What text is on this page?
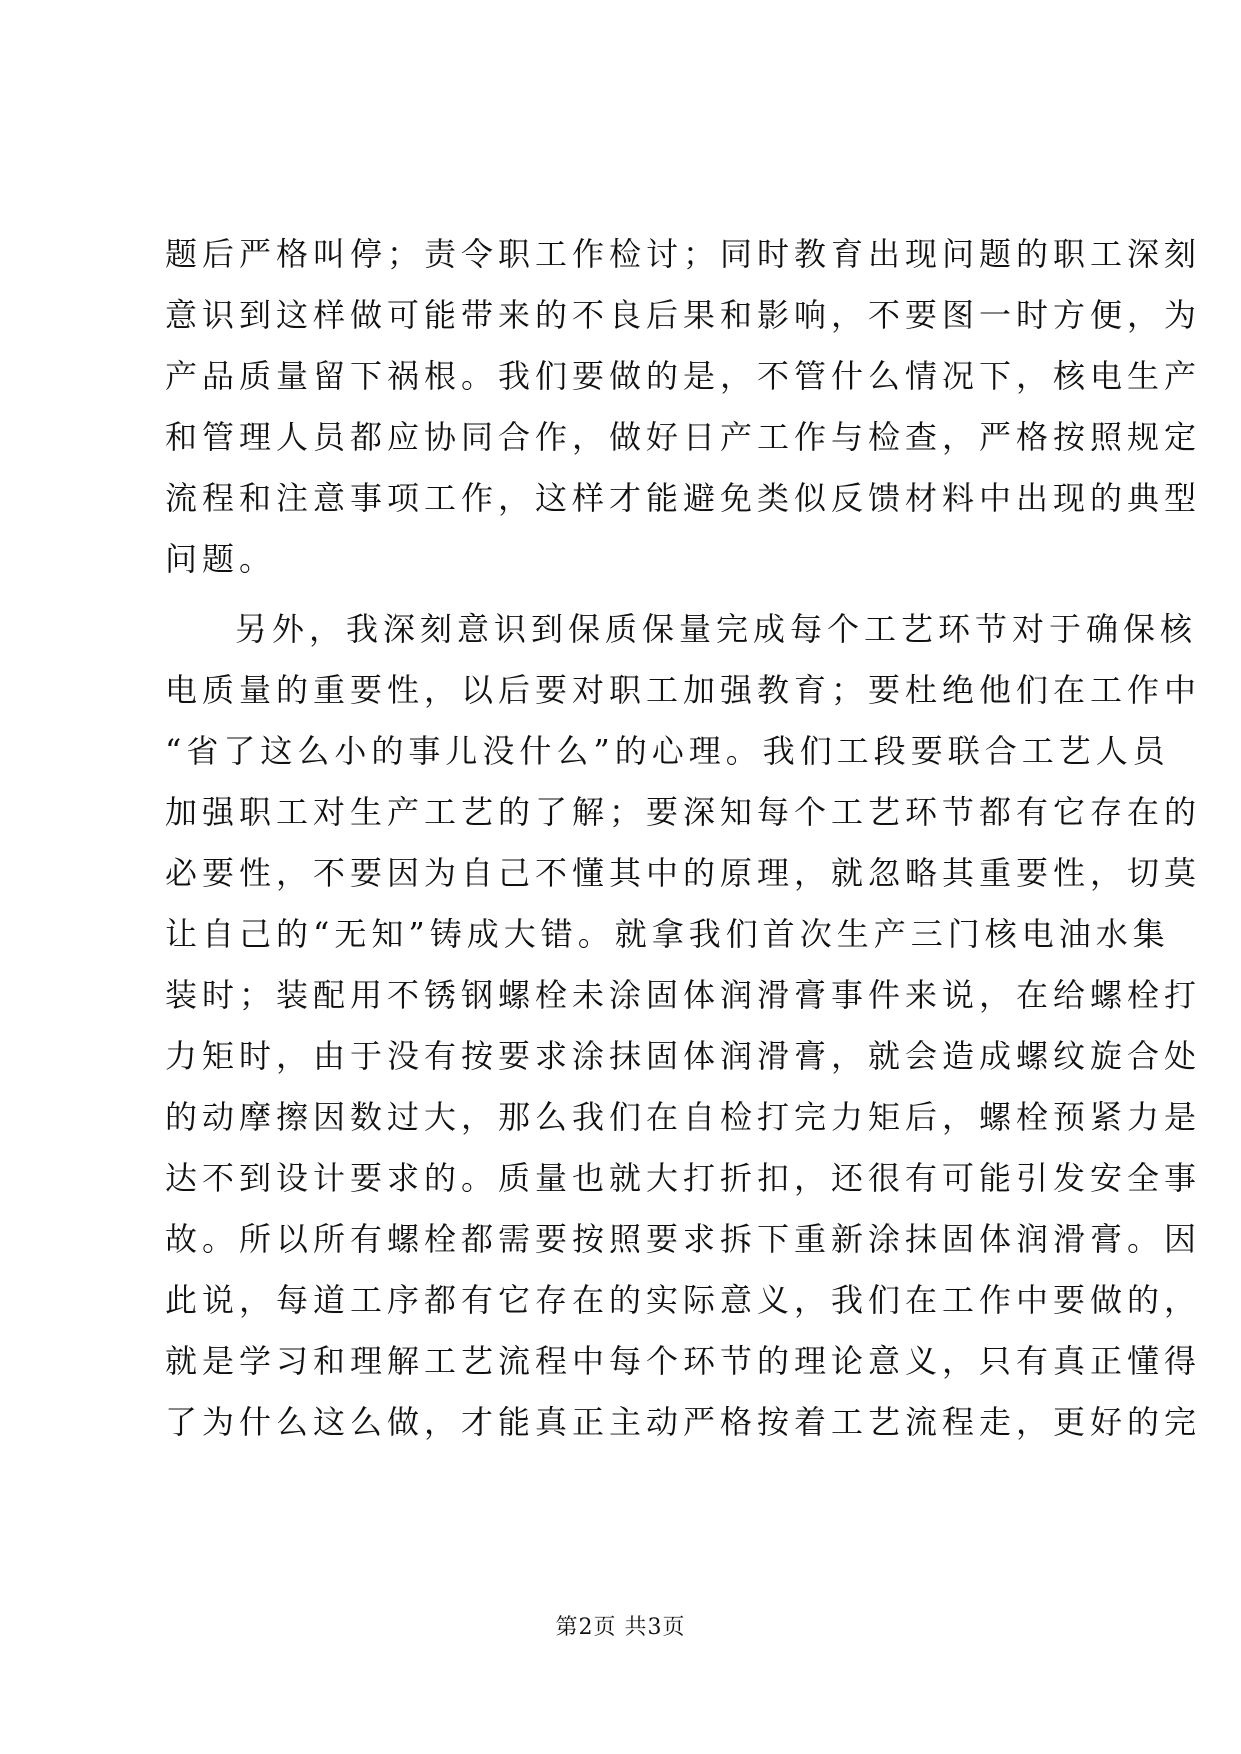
题后严格叫停；责令职工作检讨；同时教育出现问题的职工深刻
意识到这样做可能带来的不良后果和影响，不要图一时方便，为
产品质量留下祸根。我们要做的是，不管什么情况下，核电生产
和管理人员都应协同合作，做好日产工作与检查，严格按照规定
流程和注意事项工作，这样才能避免类似反馈材料中出现的典型
问题。
另外，我深刻意识到保质保量完成每个工艺环节对于确保核
电质量的重要性，以后要对职工加强教育；要杜绝他们在工作中
“省了这么小的事儿没什么”的心理。我们工段要联合工艺人员
加强职工对生产工艺的了解；要深知每个工艺环节都有它存在的
必要性，不要因为自己不懂其中的原理，就忽略其重要性，切莫
让自己的“无知”铸成大错。就拿我们首次生产三门核电油水集
装时；装配用不锈钢螺栓未涂固体润滑膏事件来说，在给螺栓打
力矩时，由于没有按要求涂抹固体润滑膏，就会造成螺纹旋合处
的动摩擦因数过大，那么我们在自检打完力矩后，螺栓预紧力是
达不到设计要求的。质量也就大打折扣，还很有可能引发安全事
故。所以所有螺栓都需要按照要求拆下重新涂抹固体润滑膏。因
此说，每道工序都有它存在的实际意义，我们在工作中要做的，
就是学习和理解工艺流程中每个环节的理论意义，只有真正懂得
了为什么这么做，才能真正主动严格按着工艺流程走，更好的完
第2页 共3页
